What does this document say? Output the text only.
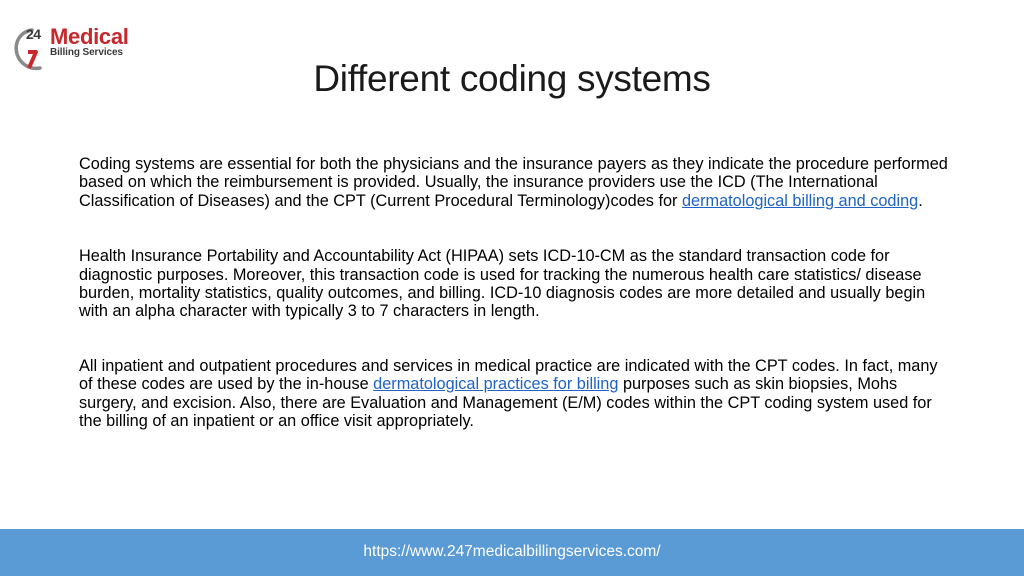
24 Medical
Billing Services
Different coding systems

Coding systems are essential for both the physicians and the insurance payers as they indicate the procedure performed based on which the reimbursement is provided. Usually, the insurance providers use the ICD (The International Classification of Diseases) and the CPT (Current Procedural Terminology)codes for dermatological billing and coding.

Health Insurance Portability and Accountability Act (HIPAA) sets ICD-10-CM as the standard transaction code for diagnostic purposes. Moreover, this transaction code is used for tracking the numerous health care statistics/ disease burden, mortality statistics, quality outcomes, and billing. ICD-10 diagnosis codes are more detailed and usually begin with an alpha character with typically 3 to 7 characters in length.

All inpatient and outpatient procedures and services in medical practice are indicated with the CPT codes. In fact, many of these codes are used by the in-house dermatological practices for billing purposes such as skin biopsies, Mohs surgery, and excision. Also, there are Evaluation and Management (E/M) codes within the CPT coding system used for the billing of an inpatient or an office visit appropriately.

https://www.247medicalbillingservices.com/
